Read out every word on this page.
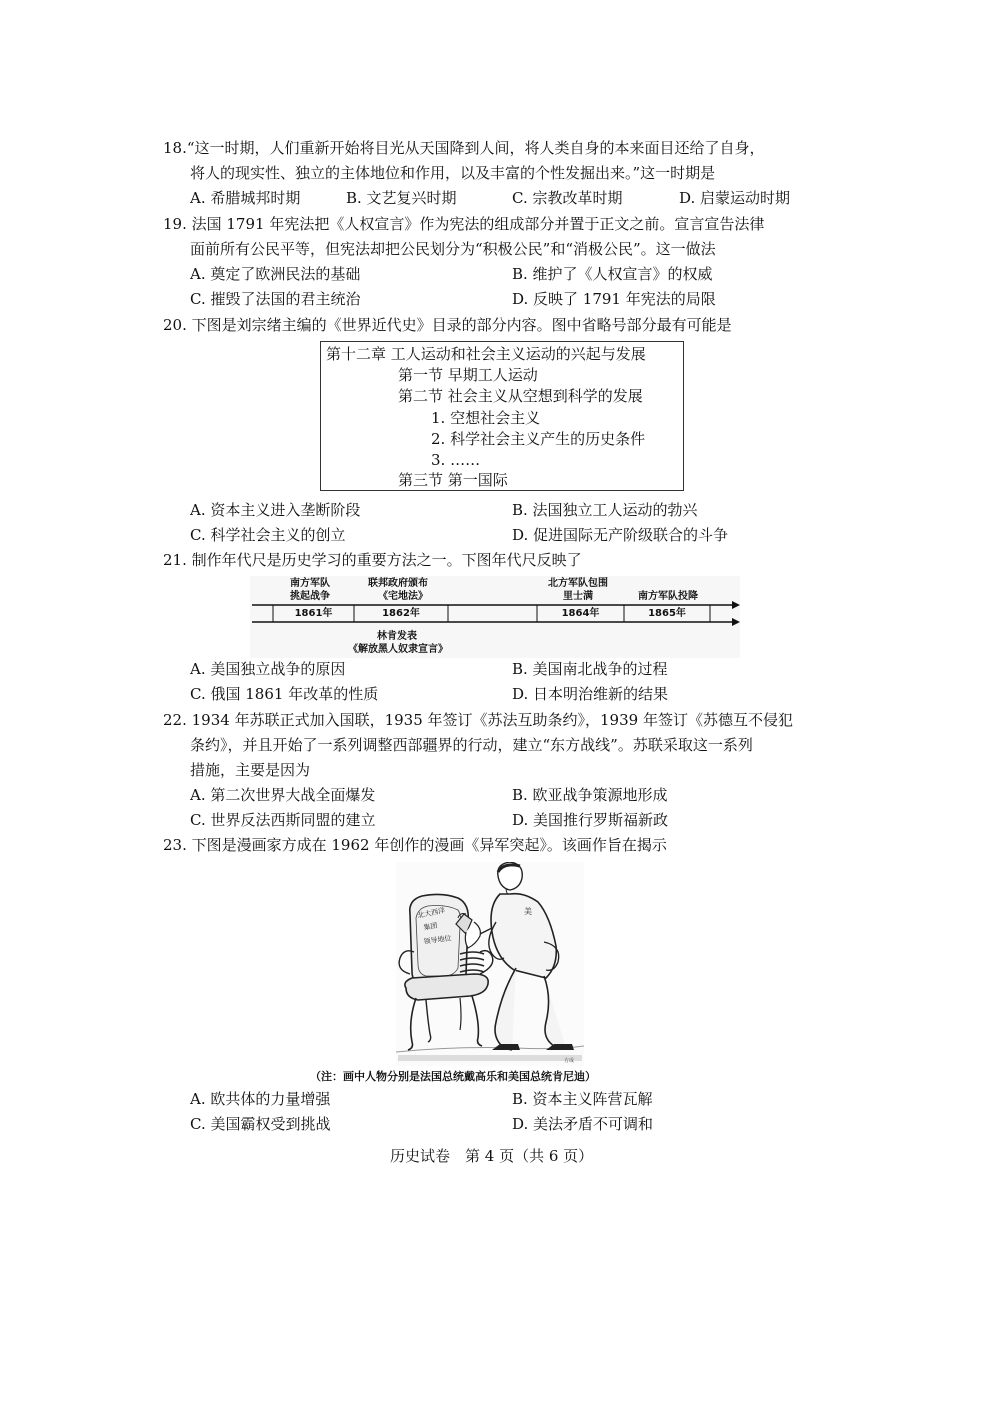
18.“这一时期，人们重新开始将目光从天国降到人间，将人类自身的本来面目还给了自身，
将人的现实性、独立的主体地位和作用，以及丰富的个性发掘出来。”这一时期是
A. 希腊城邦时期	B. 文艺复兴时期	C. 宗教改革时期	D. 启蒙运动时期
19. 法国 1791 年宪法把《人权宣言》作为宪法的组成部分并置于正文之前。宣言宣告法律
面前所有公民平等，但宪法却把公民划分为“积极公民”和“消极公民”。这一做法
A. 奠定了欧洲民法的基础	B. 维护了《人权宣言》的权威
C. 摧毁了法国的君主统治	D. 反映了 1791 年宪法的局限
20. 下图是刘宗绪主编的《世界近代史》目录的部分内容。图中省略号部分最有可能是
第十二章 工人运动和社会主义运动的兴起与发展
第一节 早期工人运动
第二节 社会主义从空想到科学的发展
1. 空想社会主义
2. 科学社会主义产生的历史条件
3. ……
第三节 第一国际
A. 资本主义进入垄断阶段	B. 法国独立工人运动的勃兴
C. 科学社会主义的创立	D. 促进国际无产阶级联合的斗争
21. 制作年代尺是历史学习的重要方法之一。下图年代尺反映了
南方军队
挑起战争
联邦政府颁布
《宅地法》
北方军队包围
里士满	南方军队投降
1861年	1862年	1864年	1865年
林肯发表
《解放黑人奴隶宣言》
A. 美国独立战争的原因	B. 美国南北战争的过程
C. 俄国 1861 年改革的性质	D. 日本明治维新的结果
22. 1934 年苏联正式加入国联，1935 年签订《苏法互助条约》，1939 年签订《苏德互不侵犯
条约》，并且开始了一系列调整西部疆界的行动，建立“东方战线”。苏联采取这一系列
措施，主要是因为
A. 第二次世界大战全面爆发	B. 欧亚战争策源地形成
C. 世界反法西斯同盟的建立	D. 美国推行罗斯福新政
23. 下图是漫画家方成在 1962 年创作的漫画《异军突起》。该画作旨在揭示
北大西洋
集团
领导地位
美
方成
（注：画中人物分别是法国总统戴高乐和美国总统肯尼迪）
A. 欧共体的力量增强	B. 资本主义阵营瓦解
C. 美国霸权受到挑战	D. 美法矛盾不可调和
历史试卷　第 4 页（共 6 页）
